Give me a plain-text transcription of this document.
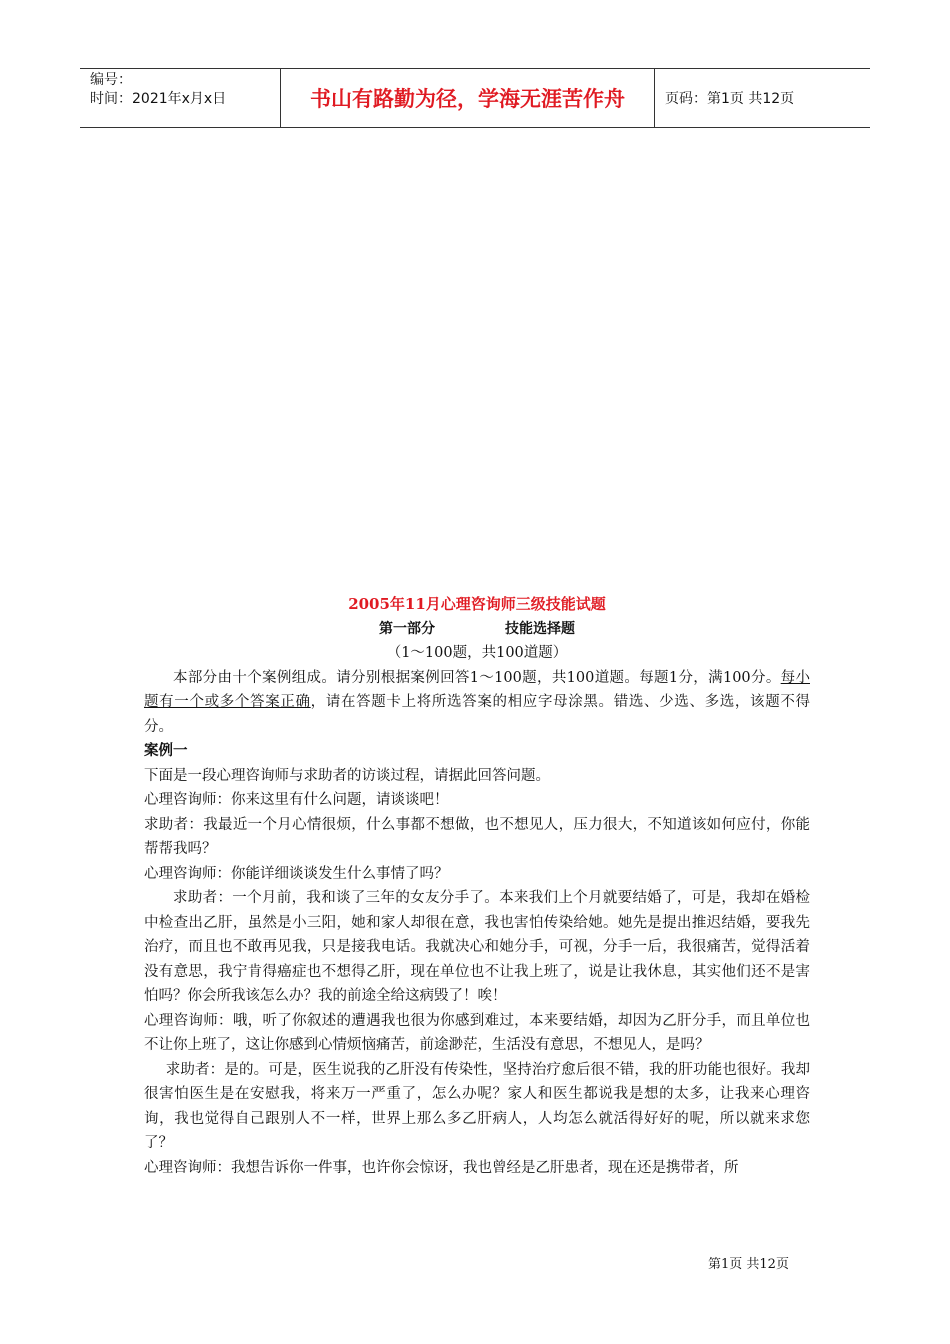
编号：
时间：2021年x月x日	书山有路勤为径，学海无涯苦作舟	页码：第1页 共12页
2005年11月心理咨询师三级技能试题
第一部分	技能选择题
（1～100题，共100道题）

本部分由十个案例组成。请分别根据案例回答1～100题，共100道题。每题1分，满100分。每小题有一个或多个答案正确，请在答题卡上将所选答案的相应字母涂黑。错选、少选、多选，该题不得分。

案例一

下面是一段心理咨询师与求助者的访谈过程，请据此回答问题。

心理咨询师：你来这里有什么问题，请谈谈吧！

求助者：我最近一个月心情很烦，什么事都不想做，也不想见人，压力很大，不知道该如何应付，你能帮帮我吗？

心理咨询师：你能详细谈谈发生什么事情了吗？

求助者：一个月前，我和谈了三年的女友分手了。本来我们上个月就要结婚了，可是，我却在婚检中检查出乙肝，虽然是小三阳，她和家人却很在意，我也害怕传染给她。她先是提出推迟结婚，要我先治疗，而且也不敢再见我，只是接我电话。我就决心和她分手，可视，分手一后，我很痛苦，觉得活着没有意思，我宁肯得癌症也不想得乙肝，现在单位也不让我上班了，说是让我休息，其实他们还不是害怕吗？你会所我该怎么办？我的前途全给这病毁了！唉！

心理咨询师：哦，听了你叙述的遭遇我也很为你感到难过，本来要结婚，却因为乙肝分手，而且单位也不让你上班了，这让你感到心情烦恼痛苦，前途渺茫，生活没有意思，不想见人，是吗？

求助者：是的。可是，医生说我的乙肝没有传染性，坚持治疗愈后很不错，我的肝功能也很好。我却很害怕医生是在安慰我，将来万一严重了，怎么办呢？家人和医生都说我是想的太多，让我来心理咨询，我也觉得自己跟别人不一样，世界上那么多乙肝病人，人均怎么就活得好好的呢，所以就来求您了？

心理咨询师：我想告诉你一件事，也许你会惊讶，我也曾经是乙肝患者，现在还是携带者，所

第1页 共12页
